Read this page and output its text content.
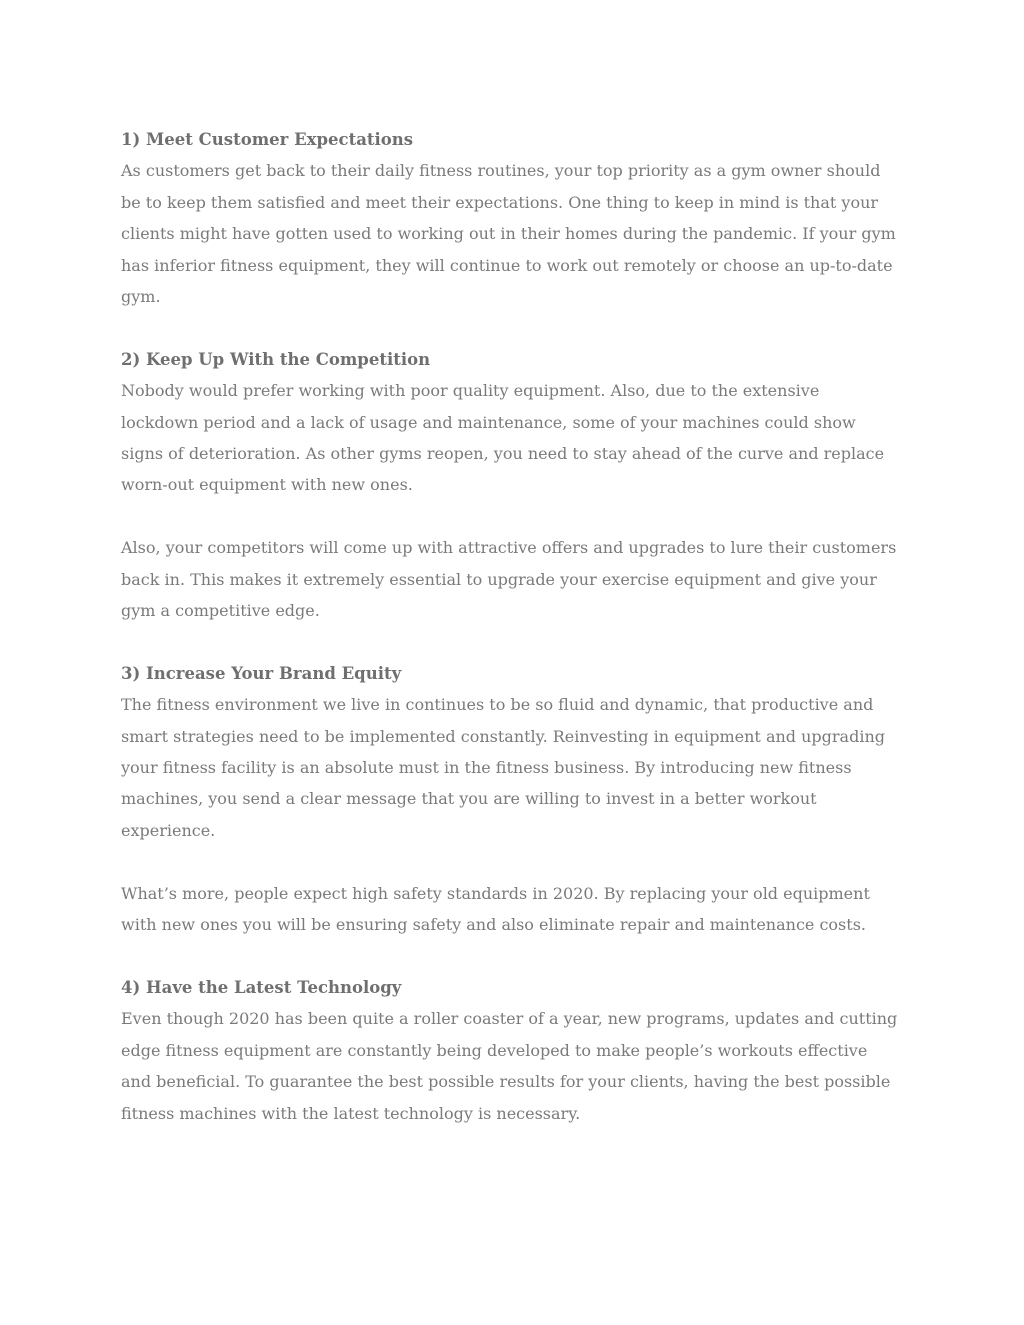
1) Meet Customer Expectations

As customers get back to their daily fitness routines, your top priority as a gym owner should be to keep them satisfied and meet their expectations. One thing to keep in mind is that your clients might have gotten used to working out in their homes during the pandemic. If your gym has inferior fitness equipment, they will continue to work out remotely or choose an up-to-date gym.

2) Keep Up With the Competition

Nobody would prefer working with poor quality equipment. Also, due to the extensive lockdown period and a lack of usage and maintenance, some of your machines could show signs of deterioration. As other gyms reopen, you need to stay ahead of the curve and replace worn-out equipment with new ones.

Also, your competitors will come up with attractive offers and upgrades to lure their customers back in. This makes it extremely essential to upgrade your exercise equipment and give your gym a competitive edge.

3) Increase Your Brand Equity

The fitness environment we live in continues to be so fluid and dynamic, that productive and smart strategies need to be implemented constantly. Reinvesting in equipment and upgrading your fitness facility is an absolute must in the fitness business. By introducing new fitness machines, you send a clear message that you are willing to invest in a better workout experience.

What’s more, people expect high safety standards in 2020. By replacing your old equipment with new ones you will be ensuring safety and also eliminate repair and maintenance costs.

4) Have the Latest Technology

Even though 2020 has been quite a roller coaster of a year, new programs, updates and cutting edge fitness equipment are constantly being developed to make people’s workouts effective and beneficial. To guarantee the best possible results for your clients, having the best possible fitness machines with the latest technology is necessary.
